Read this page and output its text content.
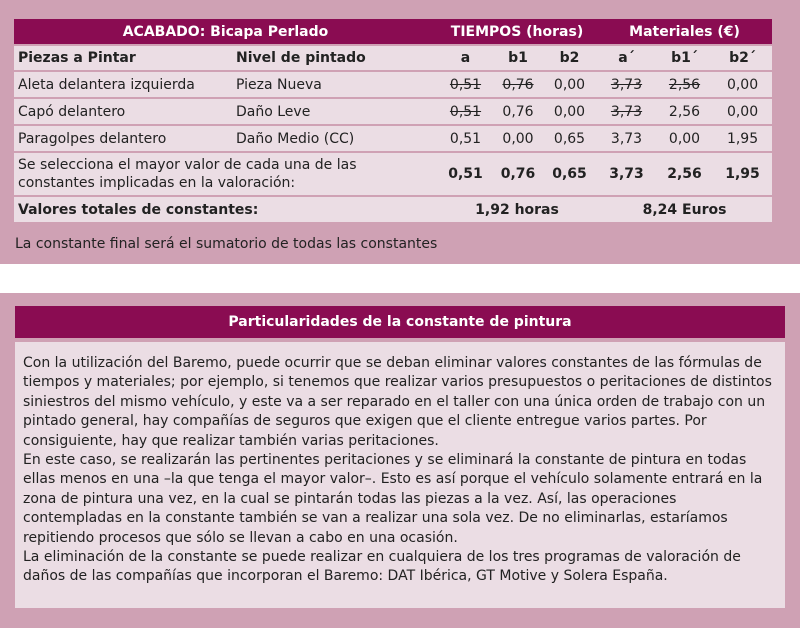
ACABADO: Bicapa Perlado		TIEMPOS (horas)			Materiales (€)		
Piezas a Pintar	Nivel de pintado	a	b1	b2	a´	b1´	b2´
Aleta delantera izquierda	Pieza Nueva	0,51	0,76	0,00	3,73	2,56	0,00
Capó delantero	Daño Leve	0,51	0,76	0,00	3,73	2,56	0,00
Paragolpes delantero	Daño Medio (CC)	0,51	0,00	0,65	3,73	0,00	1,95
Se selecciona el mayor valor de cada una de las constantes implicadas en la valoración:		0,51	0,76	0,65	3,73	2,56	1,95
Valores totales de constantes:		1,92 horas			8,24 Euros		
La constante final será el sumatorio de todas las constantes
Particularidades de la constante de pintura

Con la utilización del Baremo, puede ocurrir que se deban eliminar valores constantes de las fórmulas de tiempos y materiales; por ejemplo, si tenemos que realizar varios presupuestos o peritaciones de distintos siniestros del mismo vehículo, y este va a ser reparado en el taller con una única orden de trabajo con un pintado general, hay compañías de seguros que exigen que el cliente entregue varios partes. Por consiguiente, hay que realizar también varias peritaciones.

En este caso, se realizarán las pertinentes peritaciones y se eliminará la constante de pintura en todas ellas menos en una –la que tenga el mayor valor–. Esto es así porque el vehículo solamente entrará en la zona de pintura una vez, en la cual se pintarán todas las piezas a la vez. Así, las operaciones contempladas en la constante también se van a realizar una sola vez. De no eliminarlas, estaríamos repitiendo procesos que sólo se llevan a cabo en una ocasión.

La eliminación de la constante se puede realizar en cualquiera de los tres programas de valoración de daños de las compañías que incorporan el Baremo: DAT Ibérica, GT Motive y Solera España.
